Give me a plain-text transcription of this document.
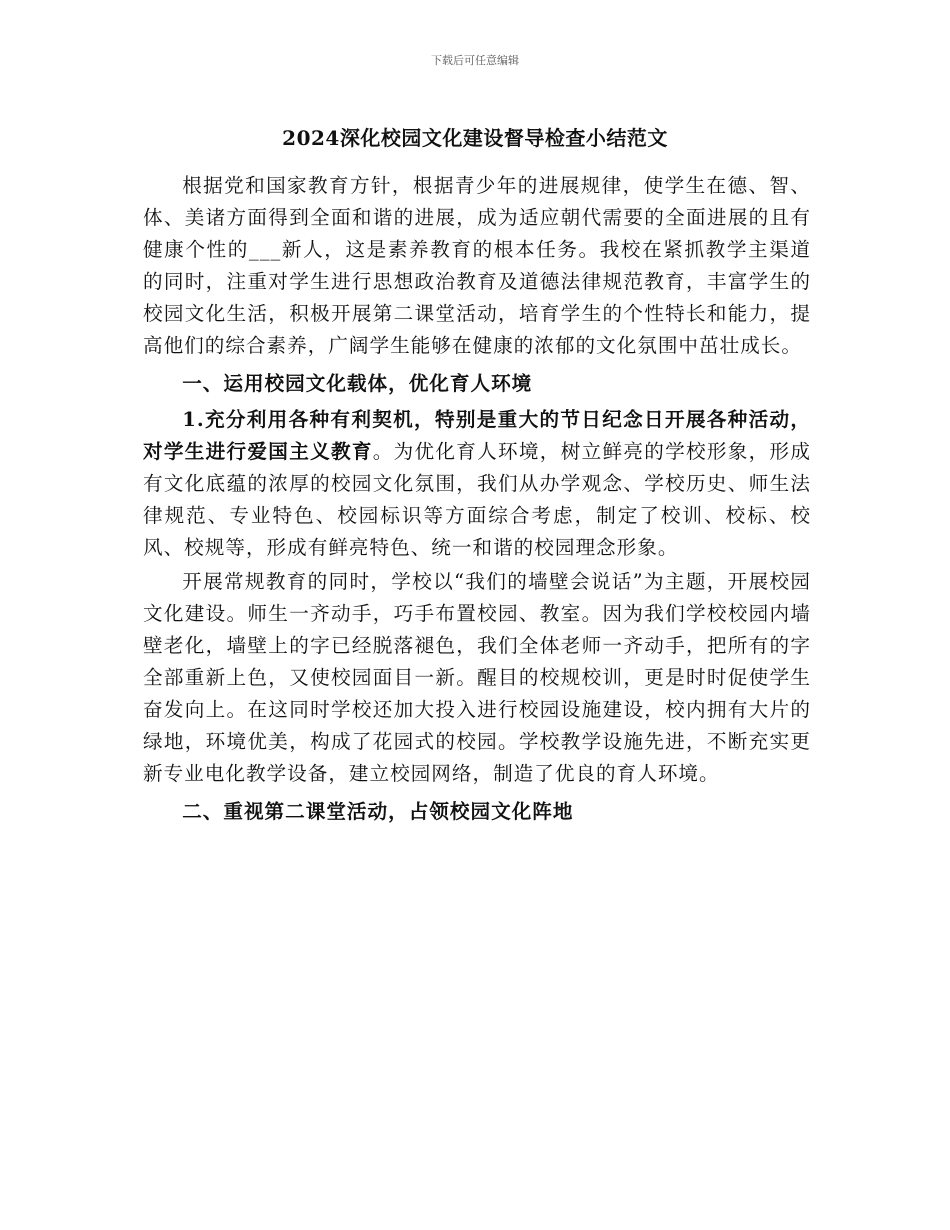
下载后可任意编辑
2024深化校园文化建设督导检查小结范文

根据党和国家教育方针，根据青少年的进展规律，使学生在德、智、体、美诸方面得到全面和谐的进展，成为适应朝代需要的全面进展的且有健康个性的___新人，这是素养教育的根本任务。我校在紧抓教学主渠道的同时，注重对学生进行思想政治教育及道德法律规范教育，丰富学生的校园文化生活，积极开展第二课堂活动，培育学生的个性特长和能力，提高他们的综合素养，广阔学生能够在健康的浓郁的文化氛围中茁壮成长。

一、运用校园文化载体，优化育人环境

1.充分利用各种有利契机，特别是重大的节日纪念日开展各种活动，对学生进行爱国主义教育。为优化育人环境，树立鲜亮的学校形象，形成有文化底蕴的浓厚的校园文化氛围，我们从办学观念、学校历史、师生法律规范、专业特色、校园标识等方面综合考虑，制定了校训、校标、校风、校规等，形成有鲜亮特色、统一和谐的校园理念形象。

开展常规教育的同时，学校以“我们的墙壁会说话”为主题，开展校园文化建设。师生一齐动手，巧手布置校园、教室。因为我们学校校园内墙壁老化，墙壁上的字已经脱落褪色，我们全体老师一齐动手，把所有的字全部重新上色，又使校园面目一新。醒目的校规校训，更是时时促使学生奋发向上。在这同时学校还加大投入进行校园设施建设，校内拥有大片的绿地，环境优美，构成了花园式的校园。学校教学设施先进，不断充实更新专业电化教学设备，建立校园网络，制造了优良的育人环境。

二、重视第二课堂活动，占领校园文化阵地
